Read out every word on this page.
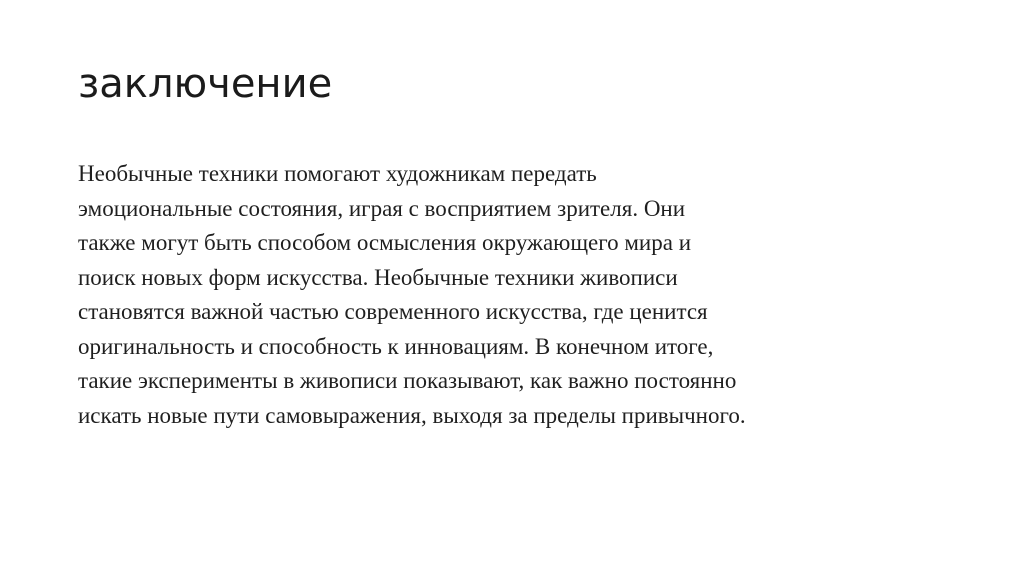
заключение
Необычные техники помогают художникам передать
эмоциональные состояния, играя с восприятием зрителя. Они
также могут быть способом осмысления окружающего мира и
поиск новых форм искусства. Необычные техники живописи
становятся важной частью современного искусства, где ценится
оригинальность и способность к инновациям. В конечном итоге,
такие эксперименты в живописи показывают, как важно постоянно
искать новые пути самовыражения, выходя за пределы привычного.
